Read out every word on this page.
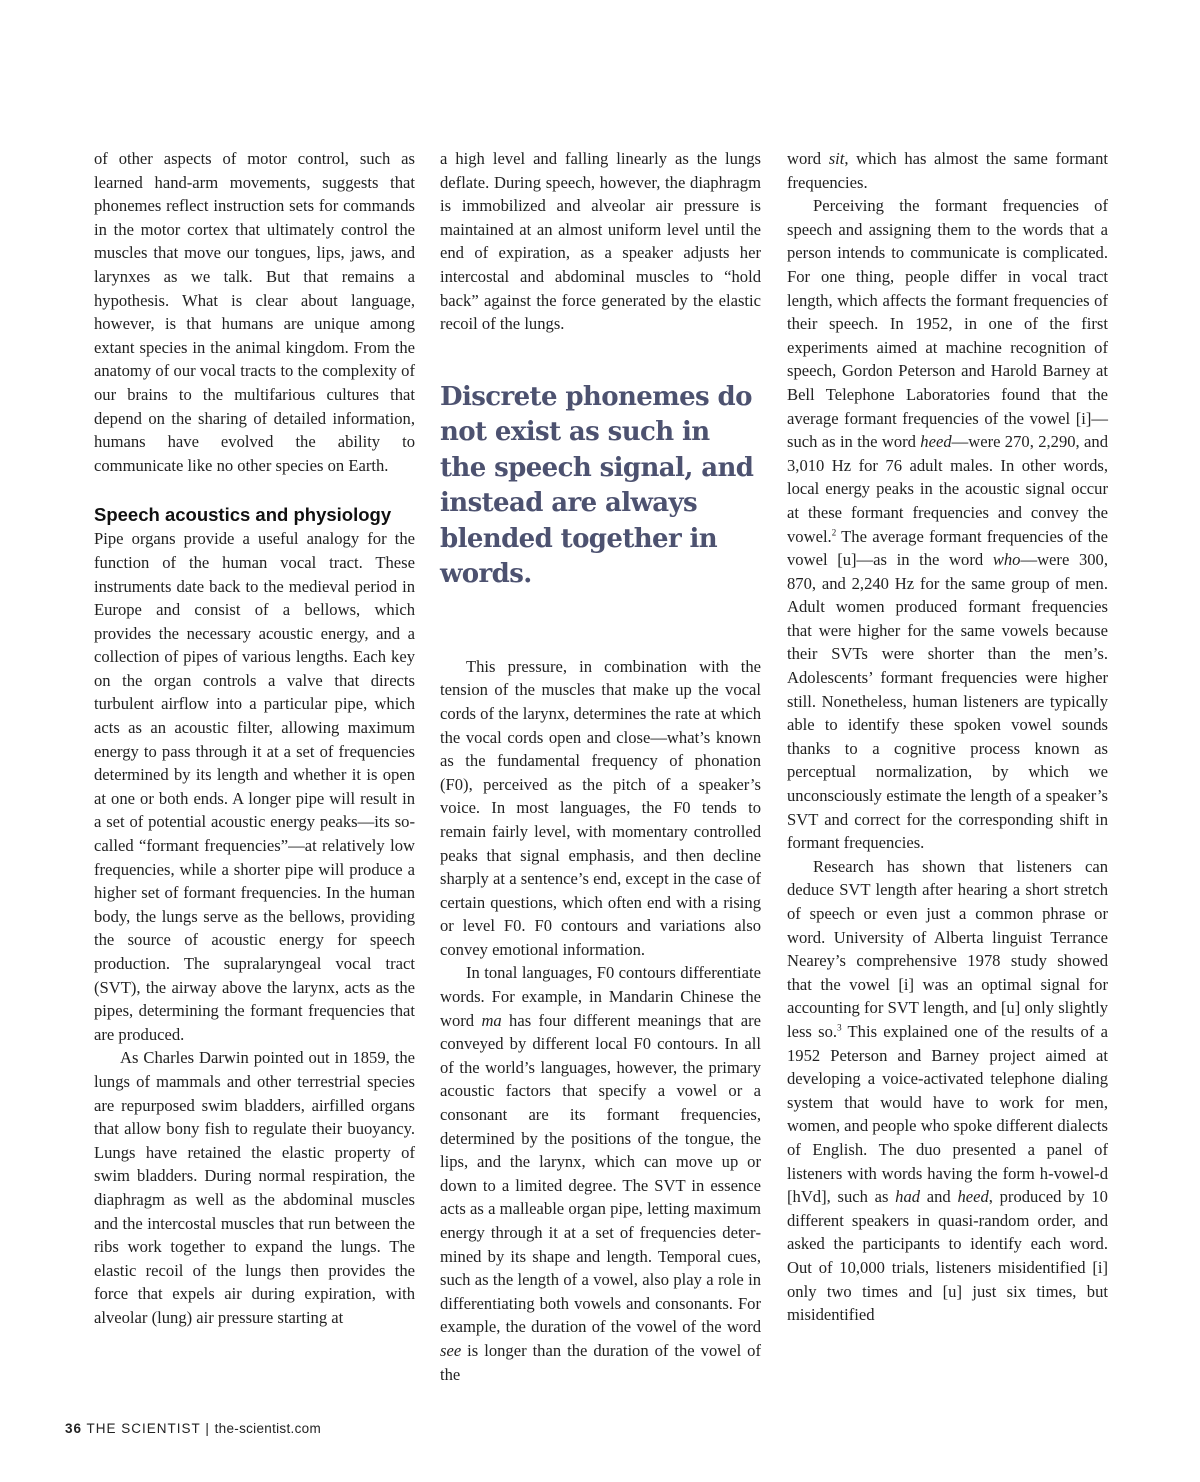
of other aspects of motor control, such as learned hand-arm movements, suggests that phonemes reflect instruction sets for commands in the motor cortex that ultimately control the muscles that move our tongues, lips, jaws, and larynxes as we talk. But that remains a hypothesis. What is clear about language, however, is that humans are unique among extant species in the animal kingdom. From the anatomy of our vocal tracts to the complexity of our brains to the multifarious cultures that depend on the sharing of detailed information, humans have evolved the ability to communicate like no other species on Earth.

Speech acoustics and physiology

Pipe organs provide a useful analogy for the function of the human vocal tract. These instruments date back to the medieval period in Europe and consist of a bellows, which provides the necessary acoustic energy, and a collection of pipes of various lengths. Each key on the organ controls a valve that directs turbulent airflow into a particular pipe, which acts as an acoustic filter, allowing maximum energy to pass through it at a set of frequencies determined by its length and whether it is open at one or both ends. A longer pipe will result in a set of potential acoustic energy peaks—its socalled “formant frequencies”—at relatively low frequencies, while a shorter pipe will produce a higher set of formant frequencies. In the human body, the lungs serve as the bellows, providing the source of acoustic energy for speech production. The supralaryngeal vocal tract (SVT), the airway above the larynx, acts as the pipes, determining the formant frequencies that are produced.

As Charles Darwin pointed out in 1859, the lungs of mammals and other terrestrial species are repurposed swim bladders, airfilled organs that allow bony fish to regulate their buoyancy. Lungs have retained the elastic property of swim bladders. During normal respiration, the diaphragm as well as the abdominal muscles and the intercostal muscles that run between the ribs work together to expand the lungs. The elastic recoil of the lungs then provides the force that expels air during expiration, with alveolar (lung) air pressure starting at

a high level and falling linearly as the lungs deflate. During speech, however, the diaphragm is immobilized and alveolar air pressure is maintained at an almost uniform level until the end of expiration, as a speaker adjusts her intercostal and abdominal muscles to “hold back” against the force generated by the elastic recoil of the lungs.

Discrete phonemes do not exist as such in the speech signal, and instead are always blended together in words.

This pressure, in combination with the tension of the muscles that make up the vocal cords of the larynx, determines the rate at which the vocal cords open and close—what’s known as the fundamental frequency of phonation (F0), perceived as the pitch of a speaker’s voice. In most languages, the F0 tends to remain fairly level, with momentary controlled peaks that signal emphasis, and then decline sharply at a sentence’s end, except in the case of certain questions, which often end with a rising or level F0. F0 contours and variations also convey emotional information.

In tonal languages, F0 contours differentiate words. For example, in Mandarin Chinese the word ma has four different meanings that are conveyed by different local F0 contours. In all of the world’s languages, however, the primary acoustic factors that specify a vowel or a consonant are its formant frequencies, determined by the positions of the tongue, the lips, and the larynx, which can move up or down to a limited degree. The SVT in essence acts as a malleable organ pipe, letting maximum energy through it at a set of frequencies determined by its shape and length. Temporal cues, such as the length of a vowel, also play a role in differentiating both vowels and consonants. For example, the duration of the vowel of the word see is longer than the duration of the vowel of the

word sit, which has almost the same formant frequencies.

Perceiving the formant frequencies of speech and assigning them to the words that a person intends to communicate is complicated. For one thing, people differ in vocal tract length, which affects the formant frequencies of their speech. In 1952, in one of the first experiments aimed at machine recognition of speech, Gordon Peterson and Harold Barney at Bell Telephone Laboratories found that the average formant frequencies of the vowel [i]—such as in the word heed—were 270, 2,290, and 3,010 Hz for 76 adult males. In other words, local energy peaks in the acoustic signal occur at these formant frequencies and convey the vowel.$^2$ The average formant frequencies of the vowel [u]—as in the word who—were 300, 870, and 2,240 Hz for the same group of men. Adult women produced formant frequencies that were higher for the same vowels because their SVTs were shorter than the men’s. Adolescents’ formant frequencies were higher still. Nonetheless, human listeners are typically able to identify these spoken vowel sounds thanks to a cognitive process known as perceptual normalization, by which we unconsciously estimate the length of a speaker’s SVT and correct for the corresponding shift in formant frequencies.

Research has shown that listeners can deduce SVT length after hearing a short stretch of speech or even just a common phrase or word. University of Alberta linguist Terrance Nearey’s comprehensive 1978 study showed that the vowel [i] was an optimal signal for accounting for SVT length, and [u] only slightly less so.$^3$ This explained one of the results of a 1952 Peterson and Barney project aimed at developing a voice-activated telephone dialing system that would have to work for men, women, and people who spoke different dialects of English. The duo presented a panel of listeners with words having the form h-vowel-d [hVd], such as had and heed, produced by 10 different speakers in quasi-random order, and asked the participants to identify each word. Out of 10,000 trials, listeners misidentified [i] only two times and [u] just six times, but misidentified

36 THE SCIENTIST | the-scientist.com
